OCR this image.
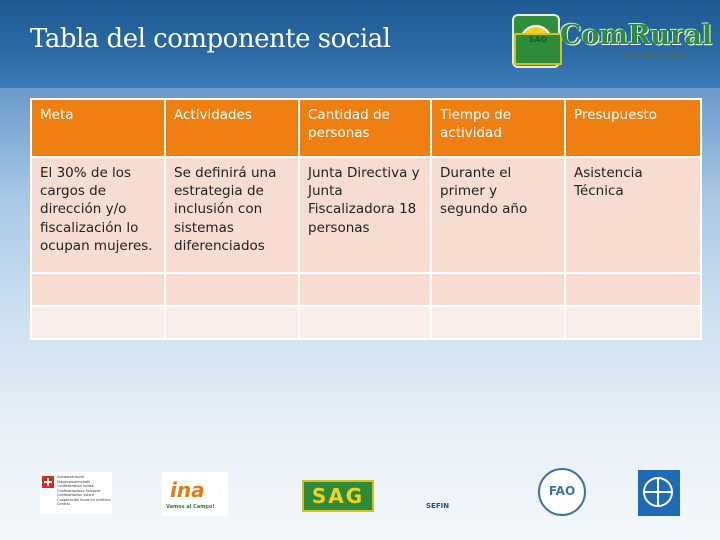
Tabla del componente social	SAG ComRural
Competitividad Rural
Meta	Actividades	Cantidad de personas	Tiempo de actividad	Presupuesto
El 30% de los cargos de dirección y/o fiscalización lo ocupan mujeres.	Se definirá una estrategia de inclusión con sistemas diferenciados	Junta Directiva y Junta Fiscalizadora 18 personas	Durante el primer y segundo año	Asistencia Técnica

Schweizerische Eidgenossenschaft Confédération suisse Confederazione Svizzera Confederaziun svizra Cooperación Suiza en América Central
ina
Vamos al Campo!	SAG	SEFIN
FAO
